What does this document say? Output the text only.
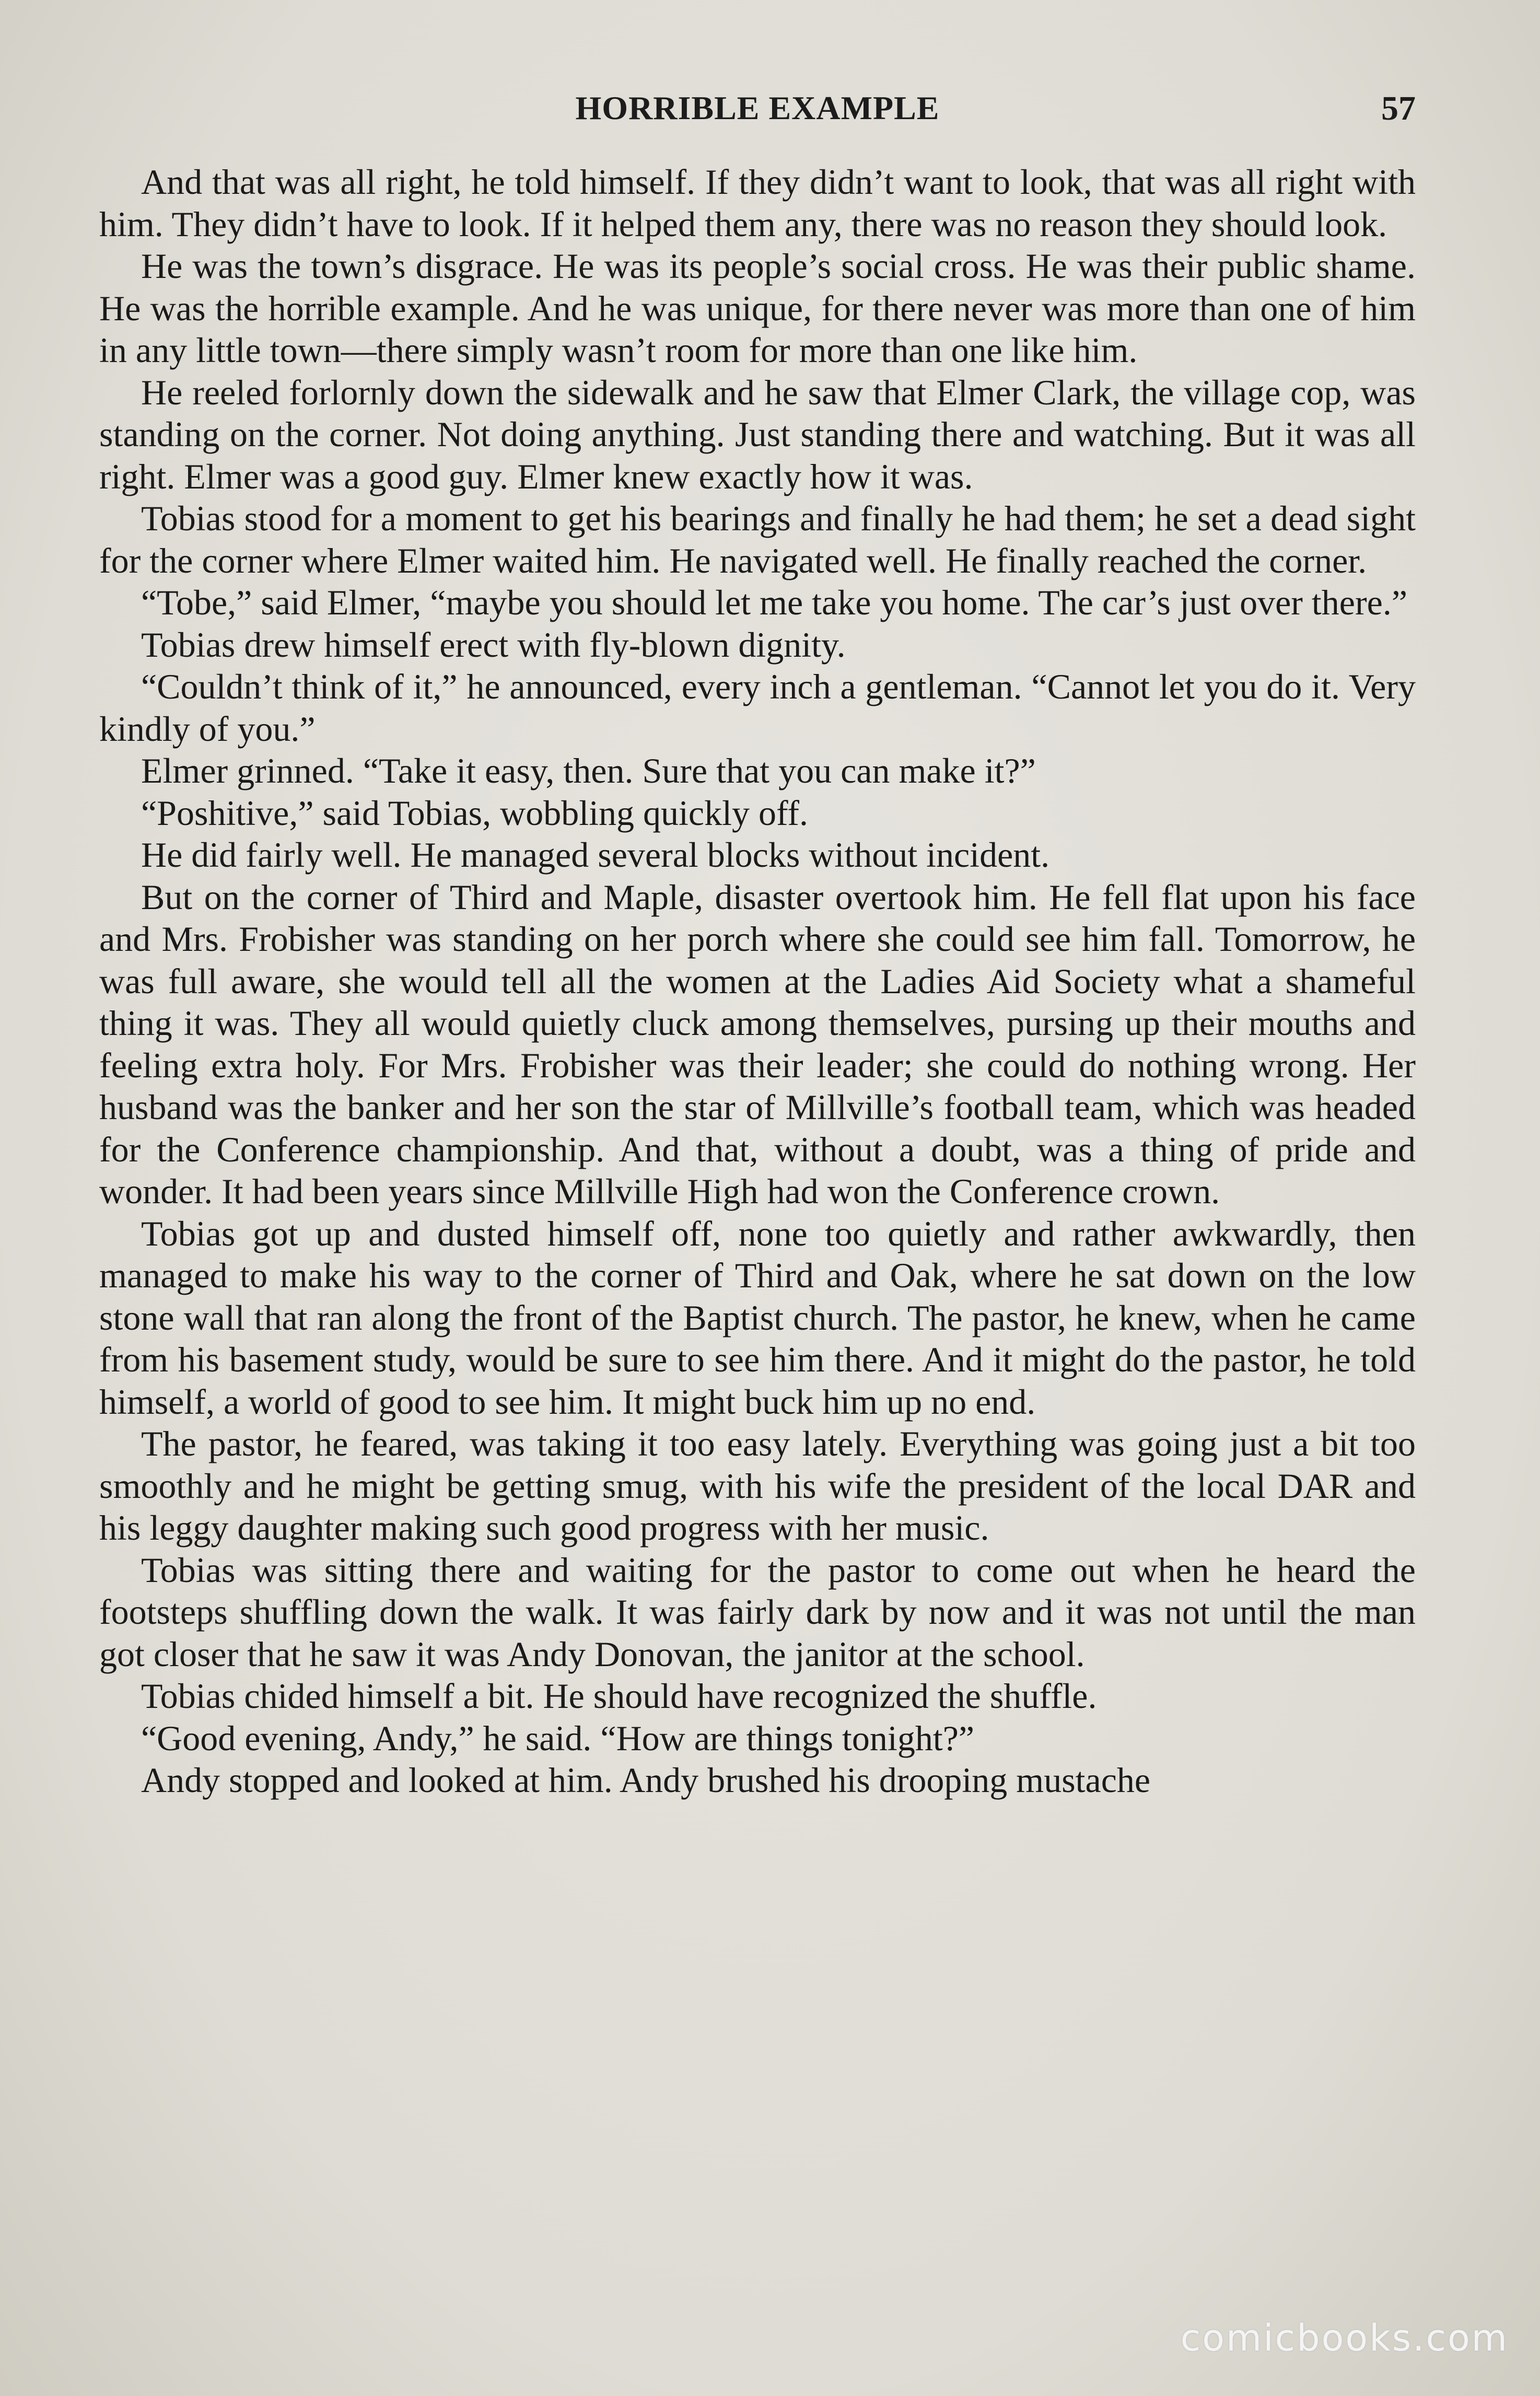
HORRIBLE EXAMPLE	57

And that was all right, he told himself. If they didn’t want to look, that was all right with him. They didn’t have to look. If it helped them any, there was no reason they should look.

He was the town’s disgrace. He was its people’s social cross. He was their public shame. He was the horrible example. And he was unique, for there never was more than one of him in any little town—there simply wasn’t room for more than one like him.

He reeled forlornly down the sidewalk and he saw that Elmer Clark, the village cop, was standing on the corner. Not doing anything. Just standing there and watching. But it was all right. Elmer was a good guy. Elmer knew exactly how it was.

Tobias stood for a moment to get his bearings and finally he had them; he set a dead sight for the corner where Elmer waited him. He navigated well. He finally reached the corner.

“Tobe,” said Elmer, “maybe you should let me take you home. The car’s just over there.”

Tobias drew himself erect with fly-blown dignity.

“Couldn’t think of it,” he announced, every inch a gentleman. “Cannot let you do it. Very kindly of you.”

Elmer grinned. “Take it easy, then. Sure that you can make it?”

“Poshitive,” said Tobias, wobbling quickly off.

He did fairly well. He managed several blocks without incident.

But on the corner of Third and Maple, disaster overtook him. He fell flat upon his face and Mrs. Frobisher was standing on her porch where she could see him fall. Tomorrow, he was full aware, she would tell all the women at the Ladies Aid Society what a shameful thing it was. They all would quietly cluck among themselves, pursing up their mouths and feeling extra holy. For Mrs. Frobisher was their leader; she could do nothing wrong. Her husband was the banker and her son the star of Millville’s football team, which was headed for the Conference championship. And that, without a doubt, was a thing of pride and wonder. It had been years since Millville High had won the Conference crown.

Tobias got up and dusted himself off, none too quietly and rather awkwardly, then managed to make his way to the corner of Third and Oak, where he sat down on the low stone wall that ran along the front of the Baptist church. The pastor, he knew, when he came from his basement study, would be sure to see him there. And it might do the pastor, he told himself, a world of good to see him. It might buck him up no end.

The pastor, he feared, was taking it too easy lately. Everything was going just a bit too smoothly and he might be getting smug, with his wife the president of the local DAR and his leggy daughter making such good progress with her music.

Tobias was sitting there and waiting for the pastor to come out when he heard the footsteps shuffling down the walk. It was fairly dark by now and it was not until the man got closer that he saw it was Andy Donovan, the janitor at the school.

Tobias chided himself a bit. He should have recognized the shuffle.

“Good evening, Andy,” he said. “How are things tonight?”

Andy stopped and looked at him. Andy brushed his drooping mustache

comicbooks.com
